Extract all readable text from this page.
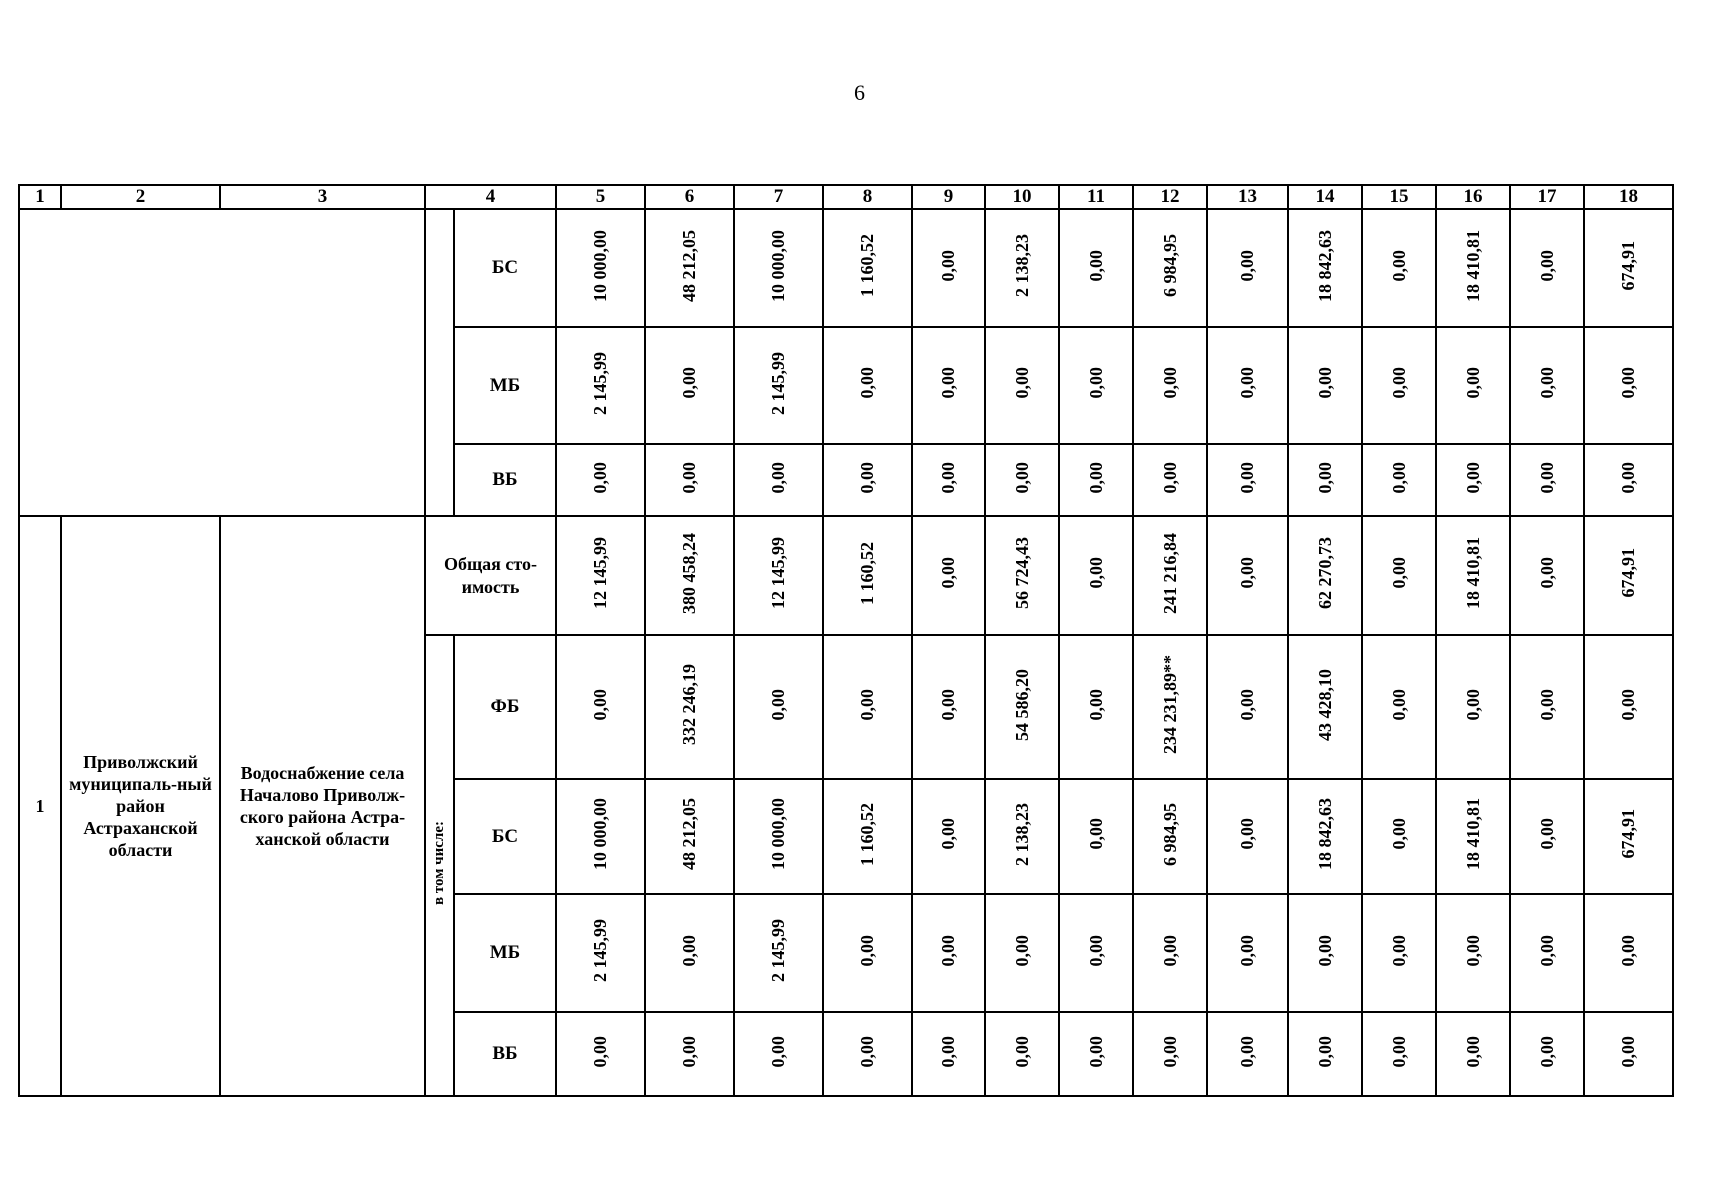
6
1	2	3	4		5	6	7	8	9	10	11	12	13	14	15	16	17	18
				БС	10 000,00	48 212,05	10 000,00	1 160,52	0,00	2 138,23	0,00	6 984,95	0,00	18 842,63	0,00	18 410,81	0,00	674,91
				МБ	2 145,99	0,00	2 145,99	0,00	0,00	0,00	0,00	0,00	0,00	0,00	0,00	0,00	0,00	0,00
				ВБ	0,00	0,00	0,00	0,00	0,00	0,00	0,00	0,00	0,00	0,00	0,00	0,00	0,00	0,00
1	Приволжский муниципаль-ный район Астраханской области	Водоснабжение села Началово Приволж-ского района Астра-ханской области	Общая сто-имость		12 145,99	380 458,24	12 145,99	1 160,52	0,00	56 724,43	0,00	241 216,84	0,00	62 270,73	0,00	18 410,81	0,00	674,91
			в том числе:	ФБ	0,00	332 246,19	0,00	0,00	0,00	54 586,20	0,00	234 231,89**	0,00	43 428,10	0,00	0,00	0,00	0,00
				БС	10 000,00	48 212,05	10 000,00	1 160,52	0,00	2 138,23	0,00	6 984,95	0,00	18 842,63	0,00	18 410,81	0,00	674,91
				МБ	2 145,99	0,00	2 145,99	0,00	0,00	0,00	0,00	0,00	0,00	0,00	0,00	0,00	0,00	0,00
				ВБ	0,00	0,00	0,00	0,00	0,00	0,00	0,00	0,00	0,00	0,00	0,00	0,00	0,00	0,00
